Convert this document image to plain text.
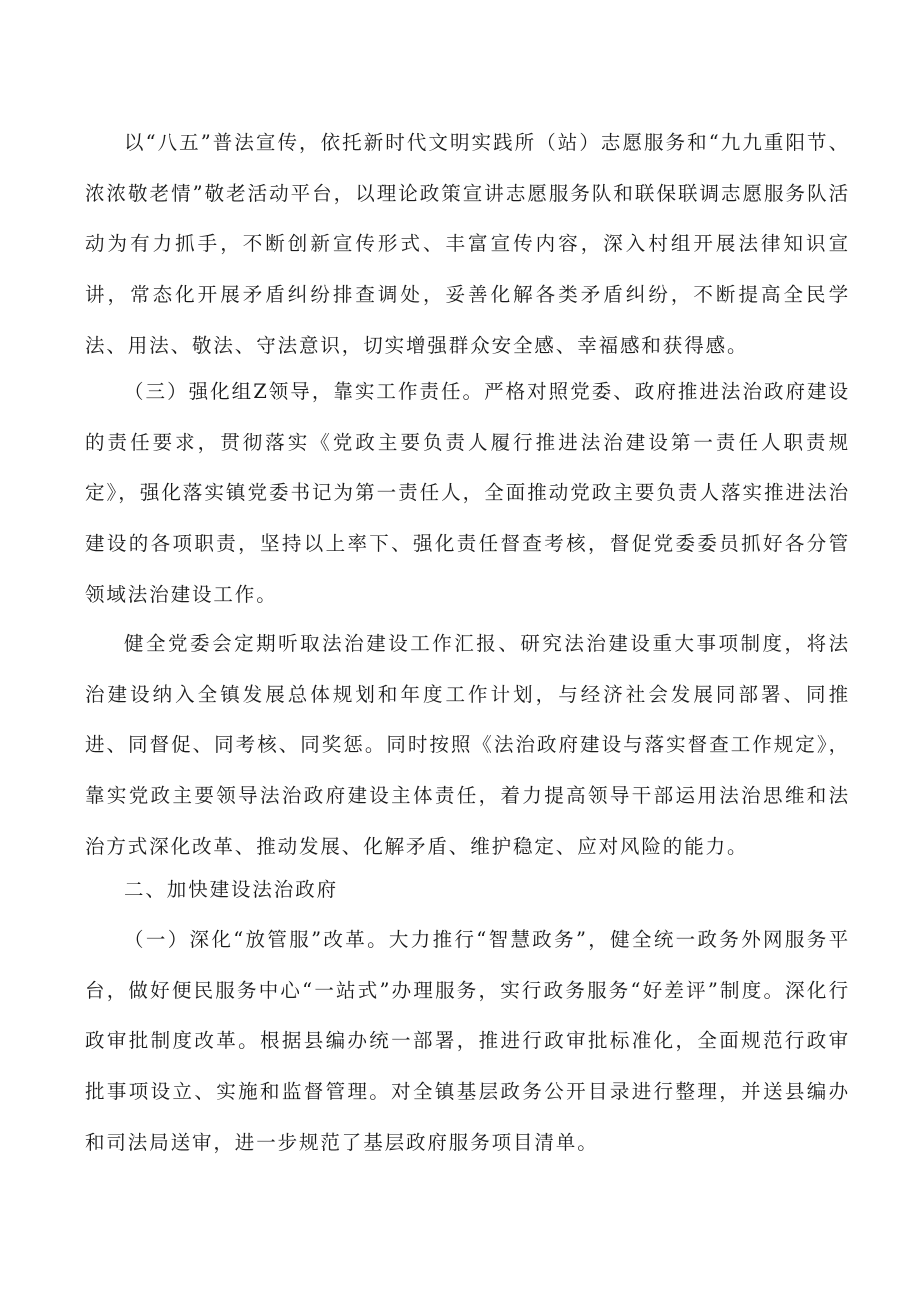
以“八五”普法宣传，依托新时代文明实践所（站）志愿服务和“九九重阳节、浓浓敬老情”敬老活动平台，以理论政策宣讲志愿服务队和联保联调志愿服务队活动为有力抓手，不断创新宣传形式、丰富宣传内容，深入村组开展法律知识宣讲，常态化开展矛盾纠纷排查调处，妥善化解各类矛盾纠纷，不断提高全民学法、用法、敬法、守法意识，切实增强群众安全感、幸福感和获得感。

（三）强化组Z领导，靠实工作责任。严格对照党委、政府推进法治政府建设的责任要求，贯彻落实《党政主要负责人履行推进法治建设第一责任人职责规定》，强化落实镇党委书记为第一责任人，全面推动党政主要负责人落实推进法治建设的各项职责，坚持以上率下、强化责任督查考核，督促党委委员抓好各分管领域法治建设工作。

健全党委会定期听取法治建设工作汇报、研究法治建设重大事项制度，将法治建设纳入全镇发展总体规划和年度工作计划，与经济社会发展同部署、同推进、同督促、同考核、同奖惩。同时按照《法治政府建设与落实督查工作规定》，靠实党政主要领导法治政府建设主体责任，着力提高领导干部运用法治思维和法治方式深化改革、推动发展、化解矛盾、维护稳定、应对风险的能力。

二、加快建设法治政府

（一）深化“放管服”改革。大力推行“智慧政务”，健全统一政务外网服务平台，做好便民服务中心“一站式”办理服务，实行政务服务“好差评”制度。深化行政审批制度改革。根据县编办统一部署，推进行政审批标准化，全面规范行政审批事项设立、实施和监督管理。对全镇基层政务公开目录进行整理，并送县编办和司法局送审，进一步规范了基层政府服务项目清单。
